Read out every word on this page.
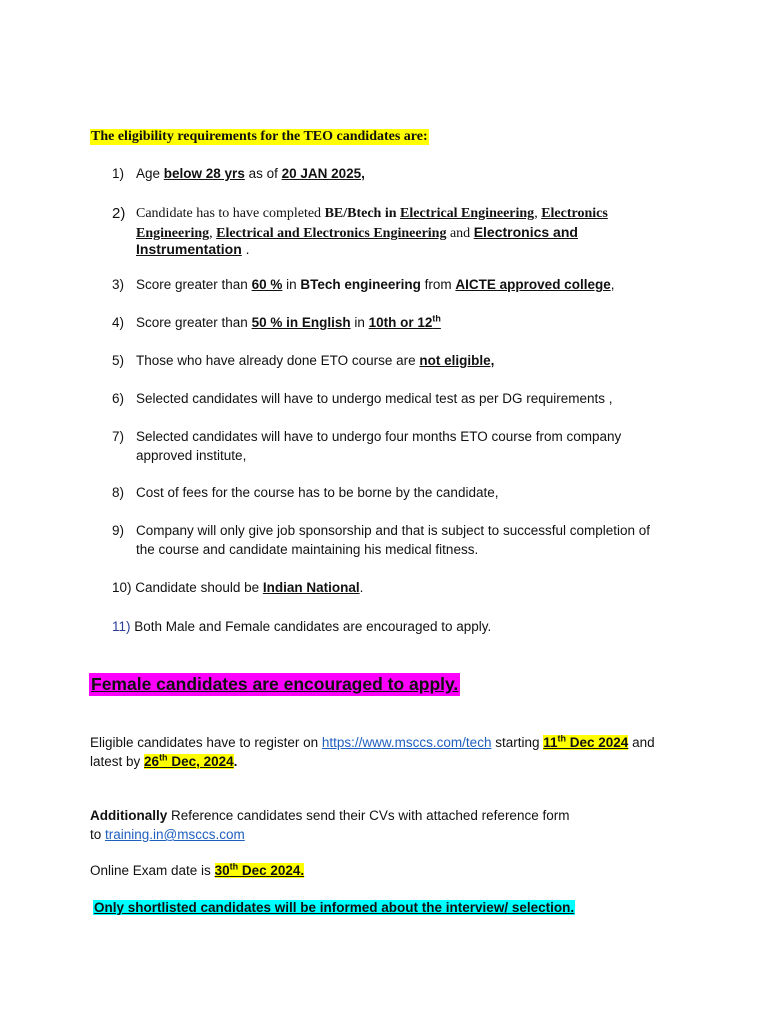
The eligibility requirements for the TEO candidates are:
1) Age below 28 yrs as of 20 JAN 2025,
2) Candidate has to have completed BE/Btech in Electrical Engineering, Electronics
Engineering, Electrical and Electronics Engineering and Electronics and
Instrumentation .
3) Score greater than 60 % in BTech engineering from AICTE approved college,
4) Score greater than 50 % in English in 10th or 12th
5) Those who have already done ETO course are not eligible,
6) Selected candidates will have to undergo medical test as per DG requirements ,
7) Selected candidates will have to undergo four months ETO course from company
approved institute,
8) Cost of fees for the course has to be borne by the candidate,
9) Company will only give job sponsorship and that is subject to successful completion of
the course and candidate maintaining his medical fitness.
10) Candidate should be Indian National.
11) Both Male and Female candidates are encouraged to apply.
Female candidates are encouraged to apply.
Eligible candidates have to register on https://www.msccs.com/tech starting 11th Dec 2024 and
latest by 26th Dec, 2024.
Additionally Reference candidates send their CVs with attached reference form
to training.in@msccs.com
Online Exam date is 30th Dec 2024.
Only shortlisted candidates will be informed about the interview/ selection.
